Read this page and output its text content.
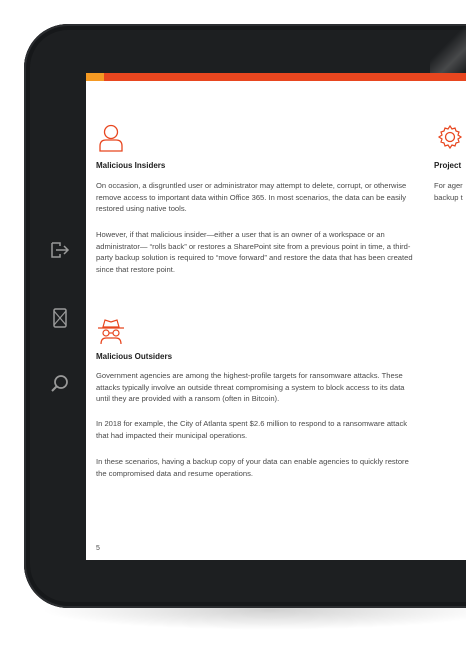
Malicious Insiders
On occasion, a disgruntled user or administrator may attempt to delete, corrupt, or otherwise remove access to important data within Office 365. In most scenarios, the data can be easily restored using native tools.
However, if that malicious insider—either a user that is an owner of a workspace or an administrator— “rolls back” or restores a SharePoint site from a previous point in time, a third-party backup solution is required to “move forward” and restore the data that has been created since that restore point.
Malicious Outsiders
Government agencies are among the highest-profile targets for ransomware attacks. These attacks typically involve an outside threat compromising a system to block access to its data until they are provided with a ransom (often in Bitcoin).
In 2018 for example, the City of Atlanta spent $2.6 million to respond to a ransomware attack that had impacted their municipal operations.
In these scenarios, having a backup copy of your data can enable agencies to quickly restore the compromised data and resume operations.
Project
For ager
backup t
5
